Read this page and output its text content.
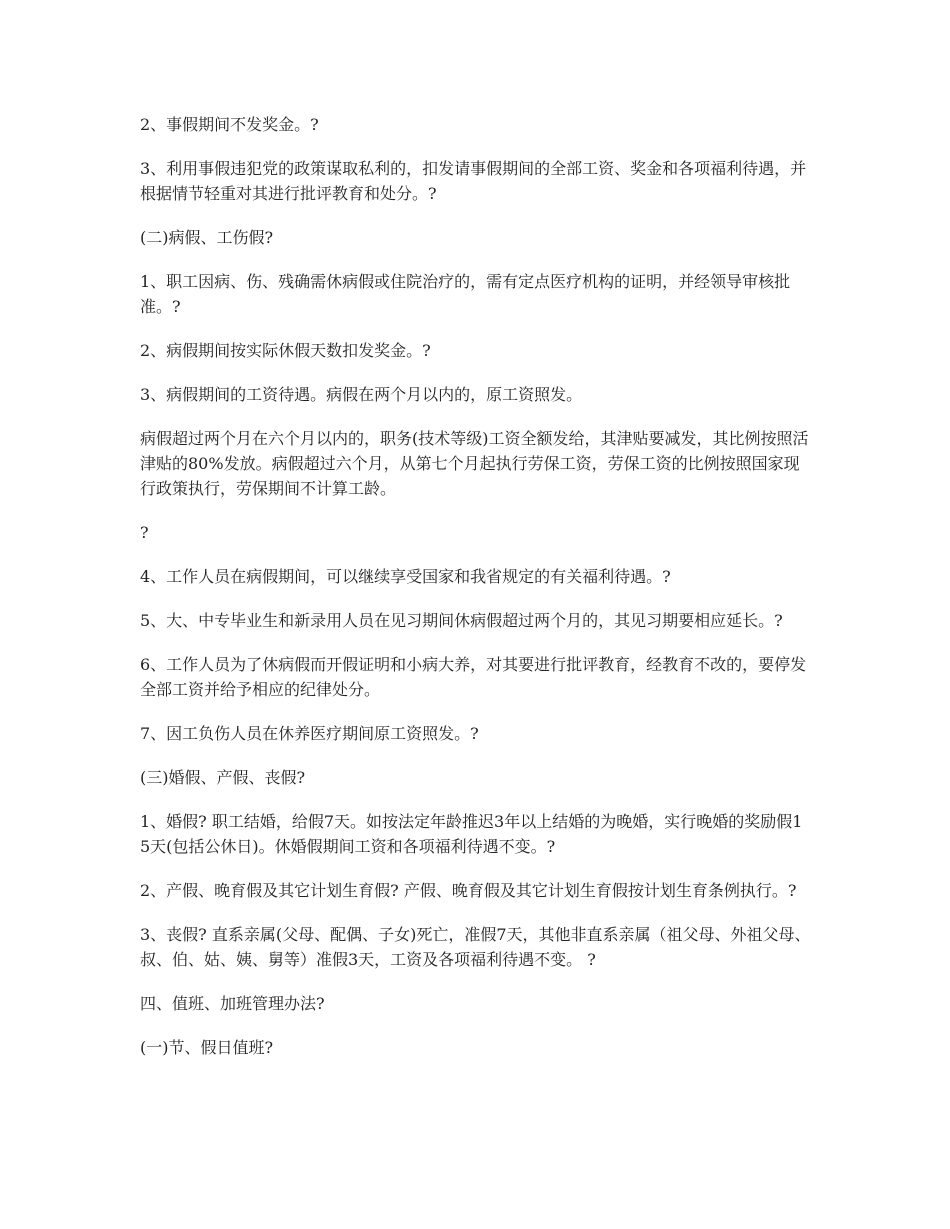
2、事假期间不发奖金。?

3、利用事假违犯党的政策谋取私利的，扣发请事假期间的全部工资、奖金和各项福利待遇，并根据情节轻重对其进行批评教育和处分。?

(二)病假、工伤假?

1、职工因病、伤、残确需休病假或住院治疗的，需有定点医疗机构的证明，并经领导审核批准。?

2、病假期间按实际休假天数扣发奖金。?

3、病假期间的工资待遇。病假在两个月以内的，原工资照发。

病假超过两个月在六个月以内的，职务(技术等级)工资全额发给，其津贴要减发，其比例按照活津贴的80%发放。病假超过六个月，从第七个月起执行劳保工资，劳保工资的比例按照国家现行政策执行，劳保期间不计算工龄。

?

4、工作人员在病假期间，可以继续享受国家和我省规定的有关福利待遇。?

5、大、中专毕业生和新录用人员在见习期间休病假超过两个月的，其见习期要相应延长。?

6、工作人员为了休病假而开假证明和小病大养，对其要进行批评教育，经教育不改的，要停发全部工资并给予相应的纪律处分。

7、因工负伤人员在休养医疗期间原工资照发。?

(三)婚假、产假、丧假?

1、婚假? 职工结婚，给假7天。如按法定年龄推迟3年以上结婚的为晚婚，实行晚婚的奖励假15天(包括公休日)。休婚假期间工资和各项福利待遇不变。?

2、产假、晚育假及其它计划生育假? 产假、晚育假及其它计划生育假按计划生育条例执行。?

3、丧假? 直系亲属(父母、配偶、子女)死亡，准假7天，其他非直系亲属（祖父母、外祖父母、叔、伯、姑、姨、舅等）准假3天，工资及各项福利待遇不变。 ?

四、值班、加班管理办法?

(一)节、假日值班?
